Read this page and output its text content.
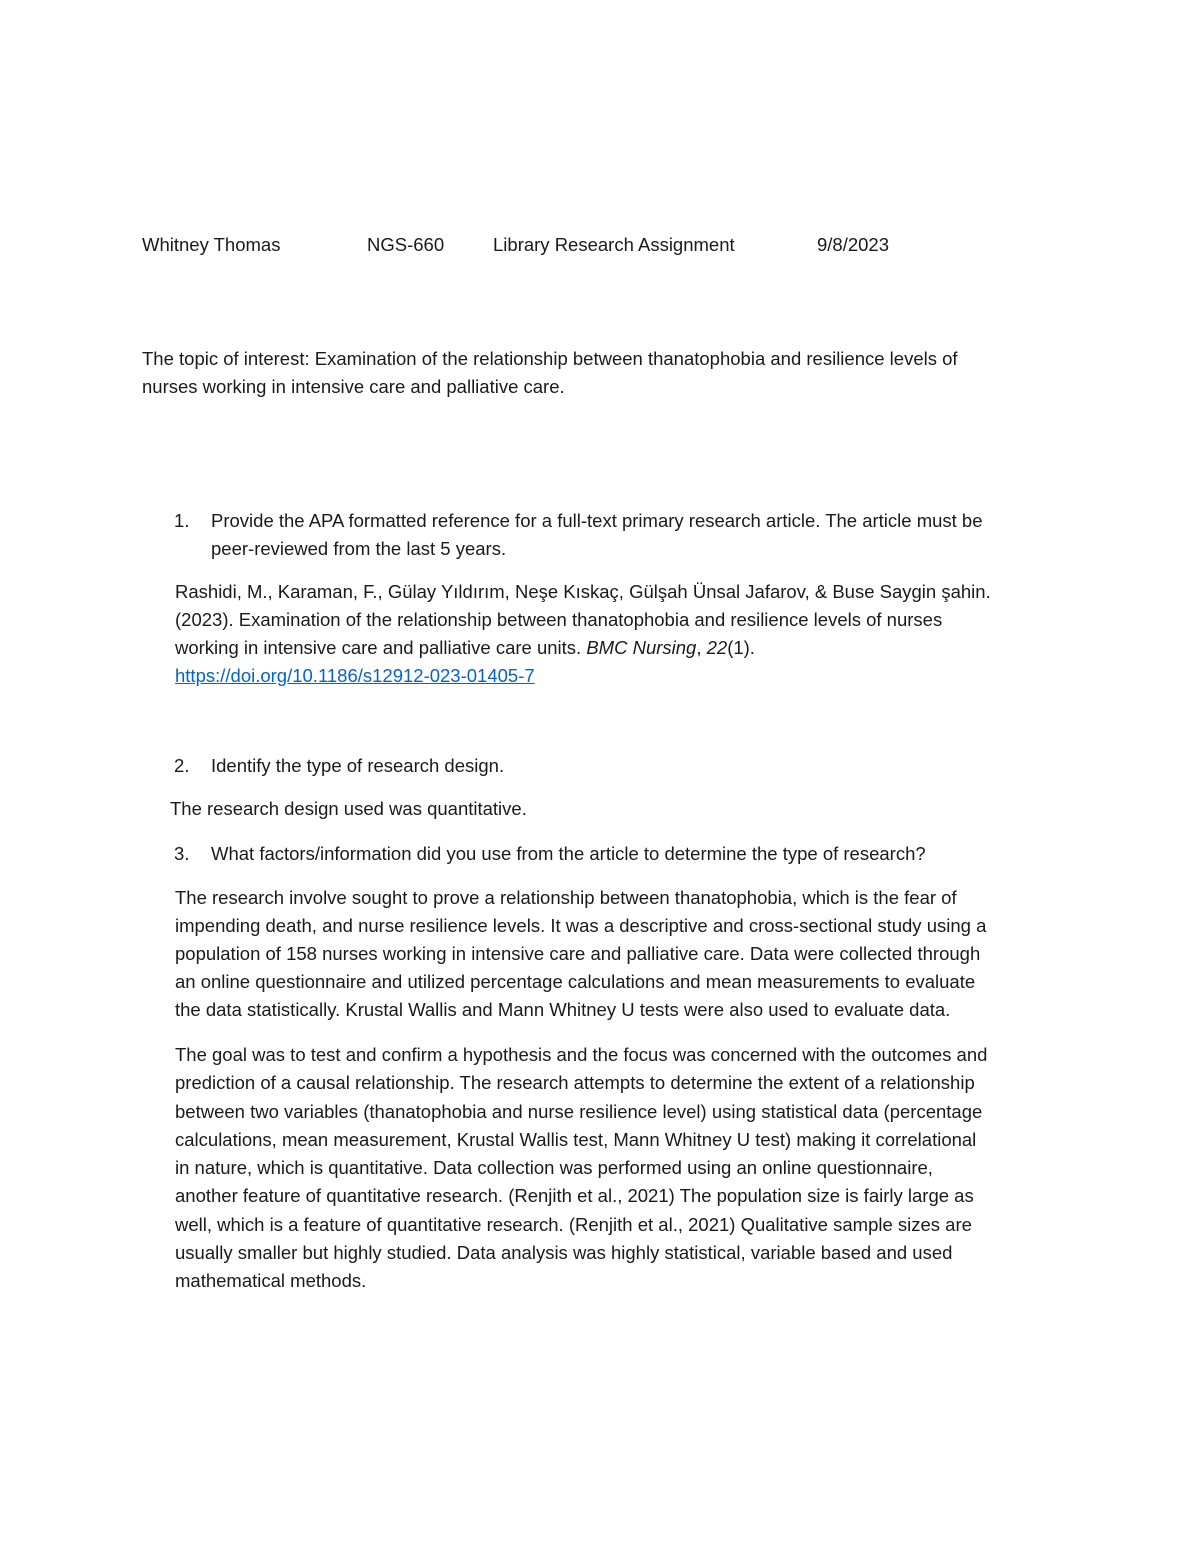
Whitney Thomas	NGS-660	Library Research Assignment	9/8/2023
The topic of interest: Examination of the relationship between thanatophobia and resilience levels of
nurses working in intensive care and palliative care.
1. Provide the APA formatted reference for a full-text primary research article. The article must be
peer-reviewed from the last 5 years.
Rashidi, M., Karaman, F., Gülay Yıldırım, Neşe Kıskaç, Gülşah Ünsal Jafarov, & Buse Saygin şahin.
(2023). Examination of the relationship between thanatophobia and resilience levels of nurses
working in intensive care and palliative care units. BMC Nursing, 22(1).
https://doi.org/10.1186/s12912-023-01405-7
2. Identify the type of research design.
The research design used was quantitative.
3. What factors/information did you use from the article to determine the type of research?
The research involve sought to prove a relationship between thanatophobia, which is the fear of
impending death, and nurse resilience levels. It was a descriptive and cross-sectional study using a
population of 158 nurses working in intensive care and palliative care. Data were collected through
an online questionnaire and utilized percentage calculations and mean measurements to evaluate
the data statistically. Krustal Wallis and Mann Whitney U tests were also used to evaluate data.
The goal was to test and confirm a hypothesis and the focus was concerned with the outcomes and
prediction of a causal relationship. The research attempts to determine the extent of a relationship
between two variables (thanatophobia and nurse resilience level) using statistical data (percentage
calculations, mean measurement, Krustal Wallis test, Mann Whitney U test) making it correlational
in nature, which is quantitative. Data collection was performed using an online questionnaire,
another feature of quantitative research. (Renjith et al., 2021) The population size is fairly large as
well, which is a feature of quantitative research. (Renjith et al., 2021) Qualitative sample sizes are
usually smaller but highly studied. Data analysis was highly statistical, variable based and used
mathematical methods.
